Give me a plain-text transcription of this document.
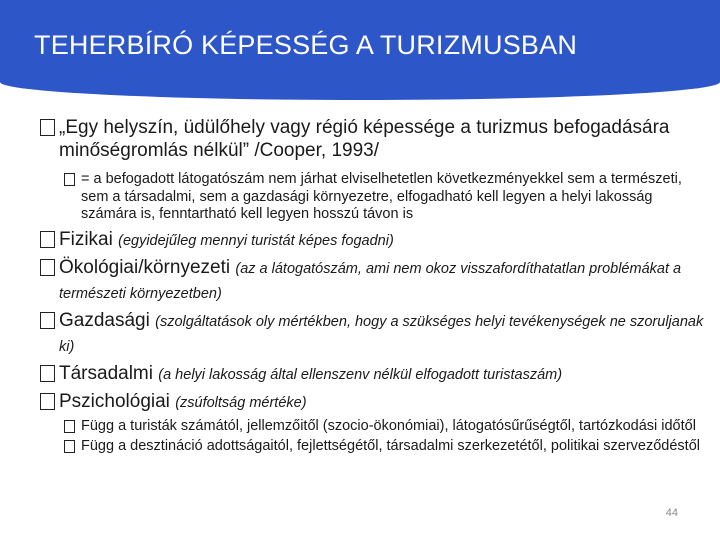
TEHERBÍRÓ KÉPESSÉG A TURIZMUSBAN
„Egy helyszín, üdülőhely vagy régió képessége a turizmus befogadására minőségromlás nélkül” /Cooper, 1993/
= a befogadott látogatószám nem járhat elviselhetetlen következményekkel sem a természeti, sem a társadalmi, sem a gazdasági környezetre, elfogadható kell legyen a helyi lakosság számára is, fenntartható kell legyen hosszú távon is
Fizikai (egyidejűleg mennyi turistát képes fogadni)
Ökológiai/környezeti (az a látogatószám, ami nem okoz visszafordíthatatlan problémákat a természeti környezetben)
Gazdasági (szolgáltatások oly mértékben, hogy a szükséges helyi tevékenységek ne szoruljanak ki)
Társadalmi (a helyi lakosság által ellenszenv nélkül elfogadott turistaszám)
Pszichológiai (zsúfoltság mértéke)
Függ a turisták számától, jellemzőitől (szocio-ökonómiai), látogatósűrűségtől, tartózkodási időtől
Függ a desztináció adottságaitól, fejlettségétől, társadalmi szerkezetétől, politikai szerveződéstől
44
